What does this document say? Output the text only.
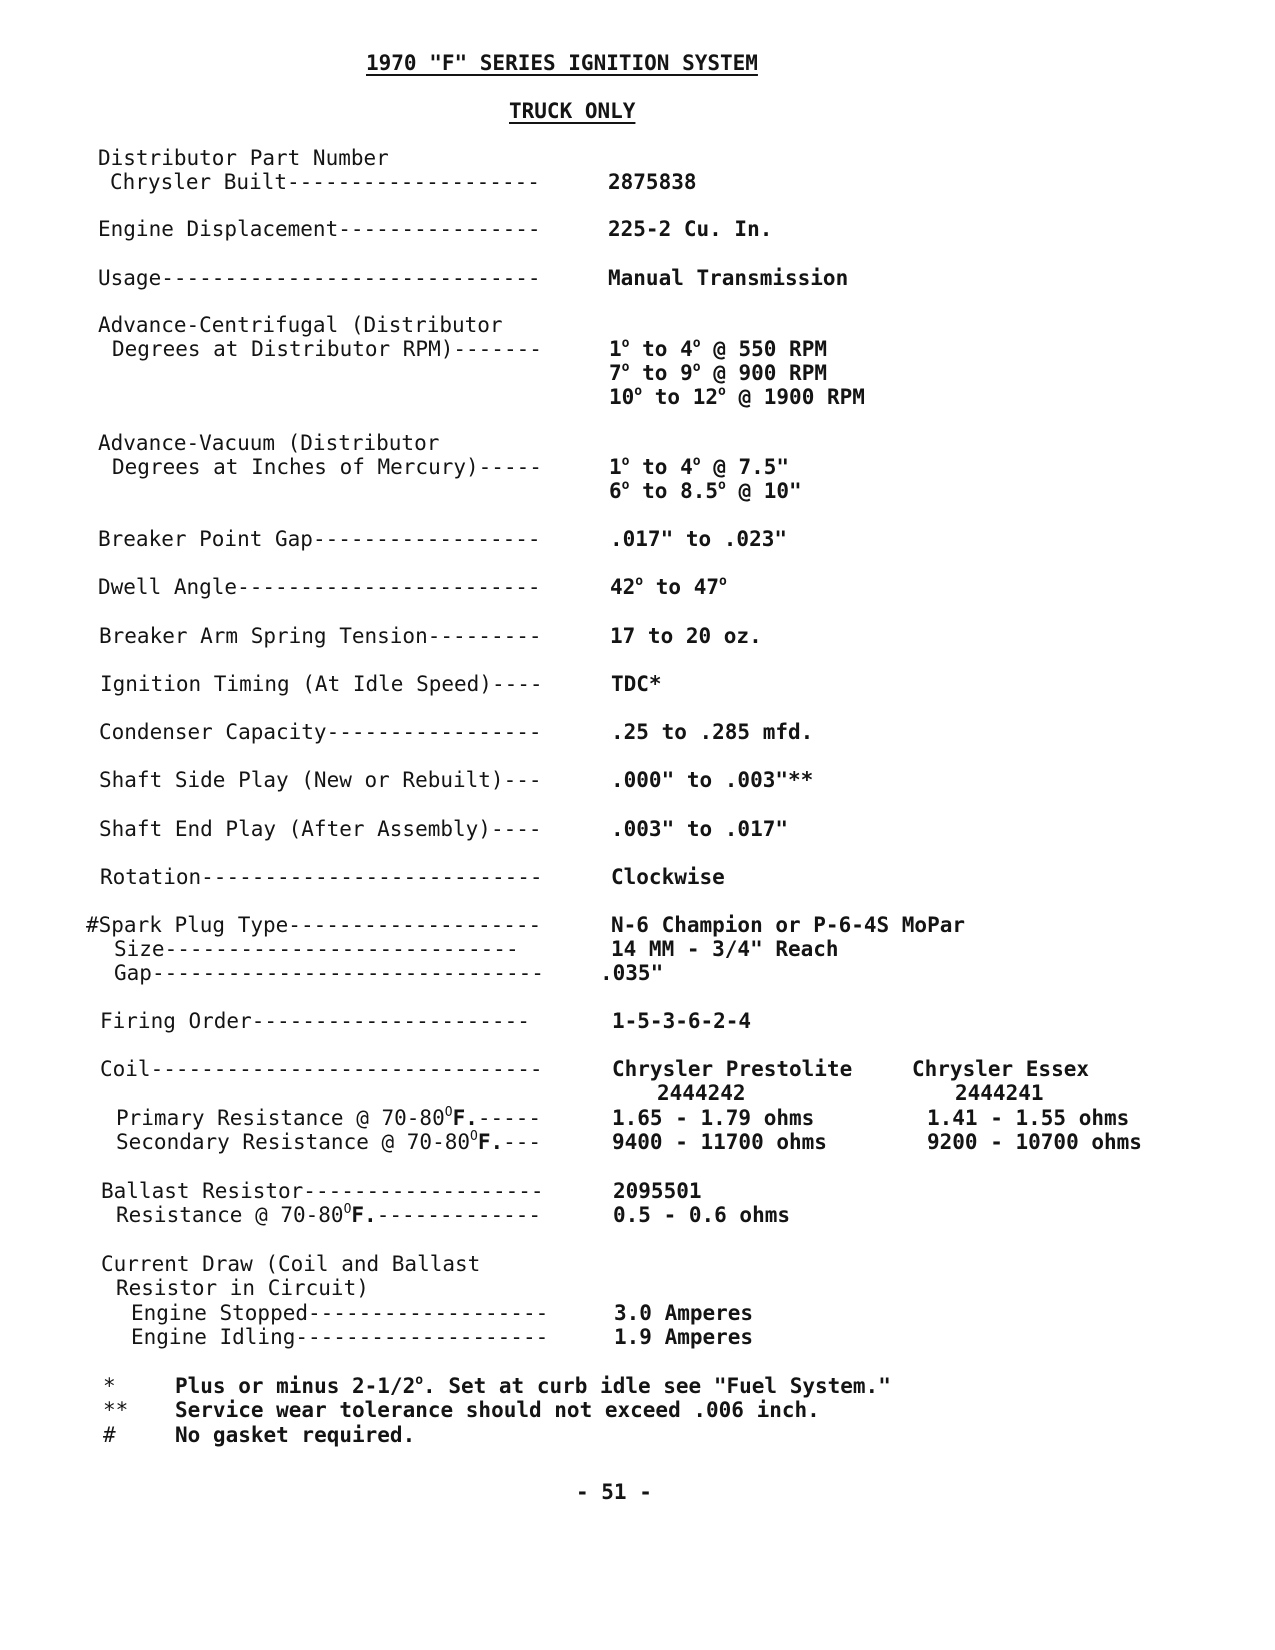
1970 "F" SERIES IGNITION SYSTEM
TRUCK ONLY
Distributor Part Number
Chrysler Built--------------------	2875838
Engine Displacement----------------	225-2 Cu. In.
Usage------------------------------	Manual Transmission
Advance-Centrifugal (Distributor
Degrees at Distributor RPM)-------	1$^o$ to 4$^o$ @ 550 RPM
7$^o$ to 9$^o$ @ 900 RPM
10$^o$ to 12$^o$ @ 1900 RPM
Advance-Vacuum (Distributor
Degrees at Inches of Mercury)-----	1$^o$ to 4$^o$ @ 7.5"
6$^o$ to 8.5$^o$ @ 10"
Breaker Point Gap------------------	.017" to .023"
Dwell Angle------------------------	42$^o$ to 47$^o$
Breaker Arm Spring Tension---------	17 to 20 oz.
Ignition Timing (At Idle Speed)----	TDC*
Condenser Capacity-----------------	.25 to .285 mfd.
Shaft Side Play (New or Rebuilt)---	.000" to .003"**
Shaft End Play (After Assembly)----	.003" to .017"
Rotation---------------------------	Clockwise
#Spark Plug Type--------------------	N-6 Champion or P-6-4S MoPar
Size----------------------------	14 MM - 3/4" Reach
Gap-------------------------------	.035"
Firing Order----------------------	1-5-3-6-2-4
Coil-------------------------------	Chrysler Prestolite	Chrysler Essex
2444242	2444241
Primary Resistance @ $70-80^OF.-----$	1.65 - 1.79 ohms	1.41 - 1.55 ohms
Secondary Resistance @ $70-80^OF.---$	9400 - 11700 ohms	9200 - 10700 ohms
Ballast Resistor-------------------	2095501
Resistance @ $70-80^OF.-------------$	0.5 - 0.6 ohms
Current Draw (Coil and Ballast
Resistor in Circuit)
Engine Stopped-------------------	3.0 Amperes
Engine Idling--------------------	1.9 Amperes
*	Plus or minus 2-1/2$^o$. Set at curb idle see "Fuel System."
** Service wear tolerance should not exceed .006 inch.
#	No gasket required.
- 51 -
